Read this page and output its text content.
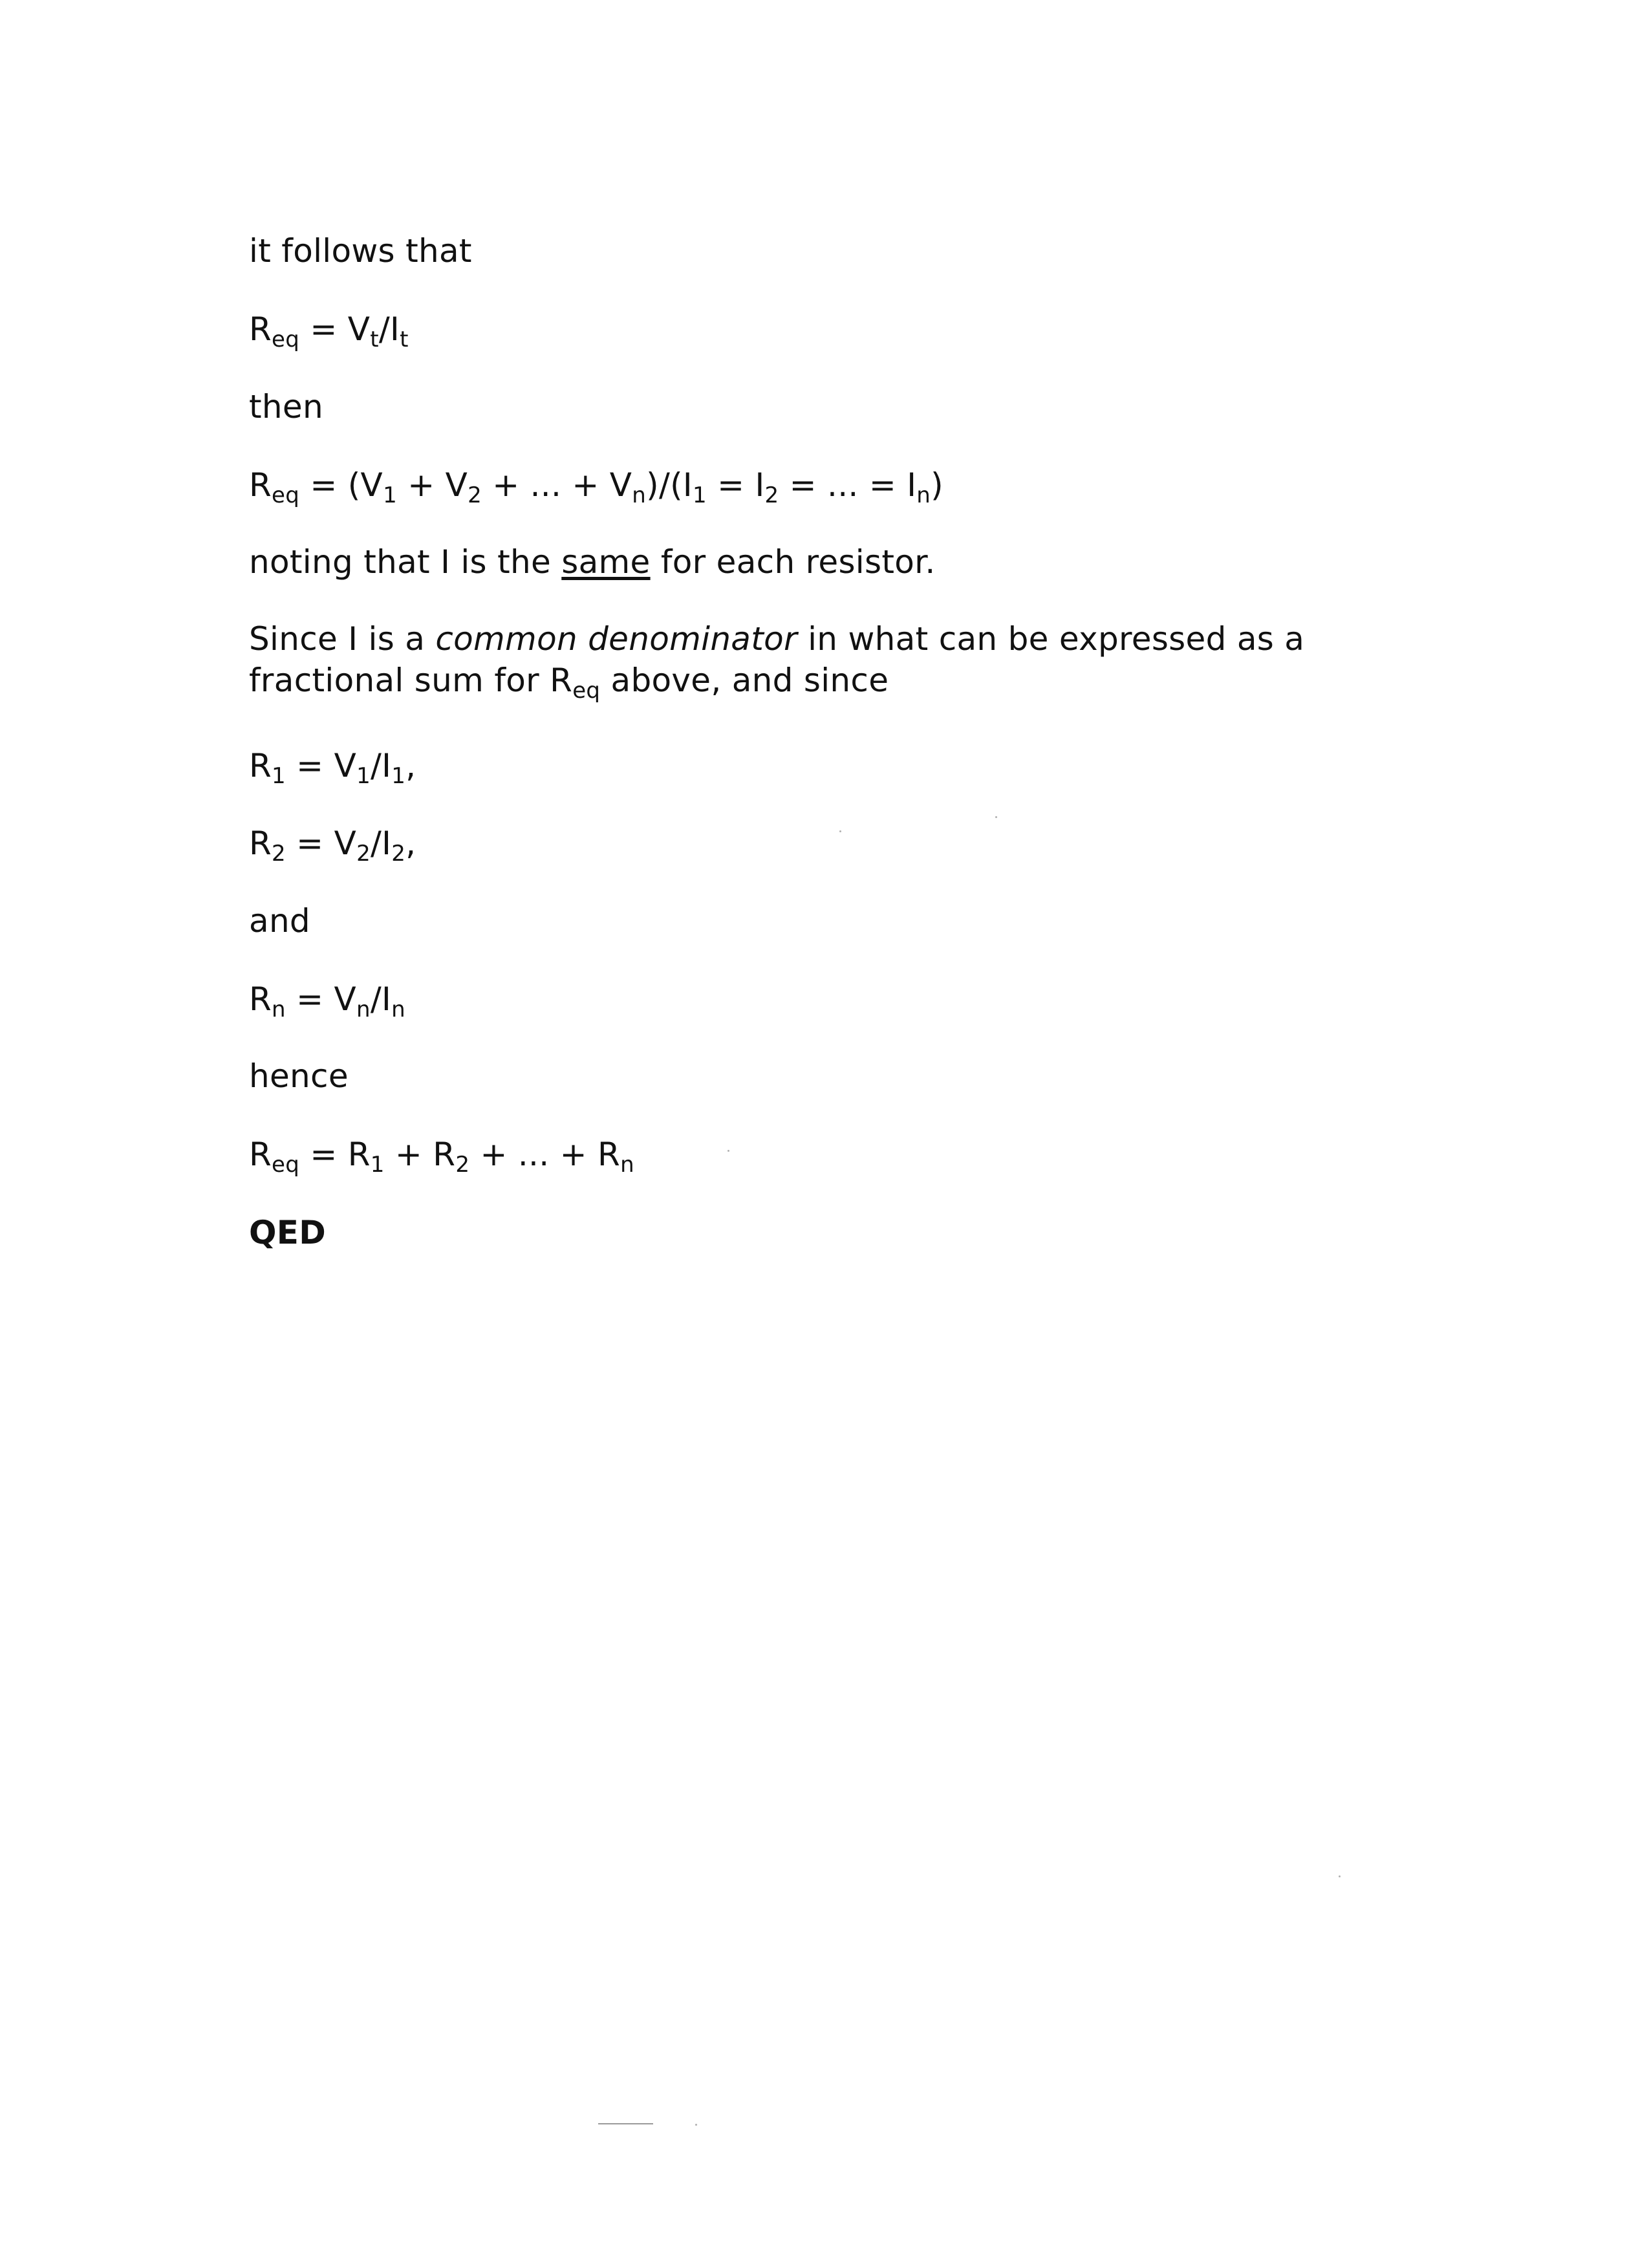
it follows that
$R_{eq} = V_t/I_t$
then
$R_{eq} = (V_1 + V_2$ + ... + $V_n)/(I_1 = I_2$ = ... = $I_n$)
noting that I is the same for each resistor.
Since I is a common denominator in what can be expressed as a
fractional sum for $R_{eq}$ above, and since
$R_1 = V_1/I_1$,
$R_2 = V_2/I_2$,
and
$R_n = V_n/I_n$
hence
$R_{eq} = R_1 + R_2$ + ... + $R_n$
QED
